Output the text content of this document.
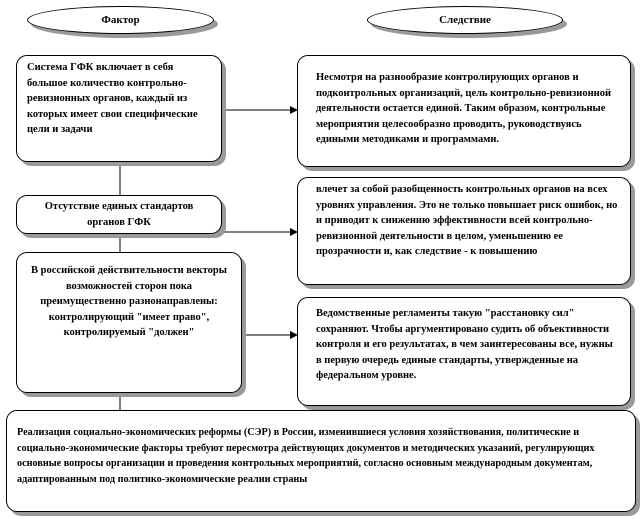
Фактор	Следствие
Система ГФК включает в себя большое количество контрольно-ревизионных органов, каждый из которых имеет свои специфические цели и задачи
Отсутствие единых стандартов органов ГФК
В российской действительности векторы возможностей сторон пока преимущественно разнонаправлены: контролирующий "имеет право", контролируемый "должен"
Несмотря на разнообразие контролирующих органов и подконтрольных организаций, цель контрольно-ревизионной деятельности остается единой. Таким образом, контрольные мероприятия целесообразно проводить, руководствуясь едиными методиками и программами.
влечет за собой разобщенность контрольных органов на всех уровнях управления. Это не только повышает риск ошибок, но и приводит к снижению эффективности всей контрольно-ревизионной деятельности в целом, уменьшению ее прозрачности и, как следствие - к повышению
Ведомственные регламенты такую "расстановку сил" сохраняют. Чтобы аргументировано судить об объективности контроля и его результатах, в чем заинтересованы все, нужны в первую очередь единые стандарты, утвержденные на федеральном уровне.
Реализация социально-экономических реформы (СЭР) в России, изменившиеся условия хозяйствования, политические и социально-экономические факторы требуют пересмотра действующих документов и методических указаний, регулирующих основные вопросы организации и проведения контрольных мероприятий, согласно основным международным документам, адаптированным под политико-экономические реалии страны
